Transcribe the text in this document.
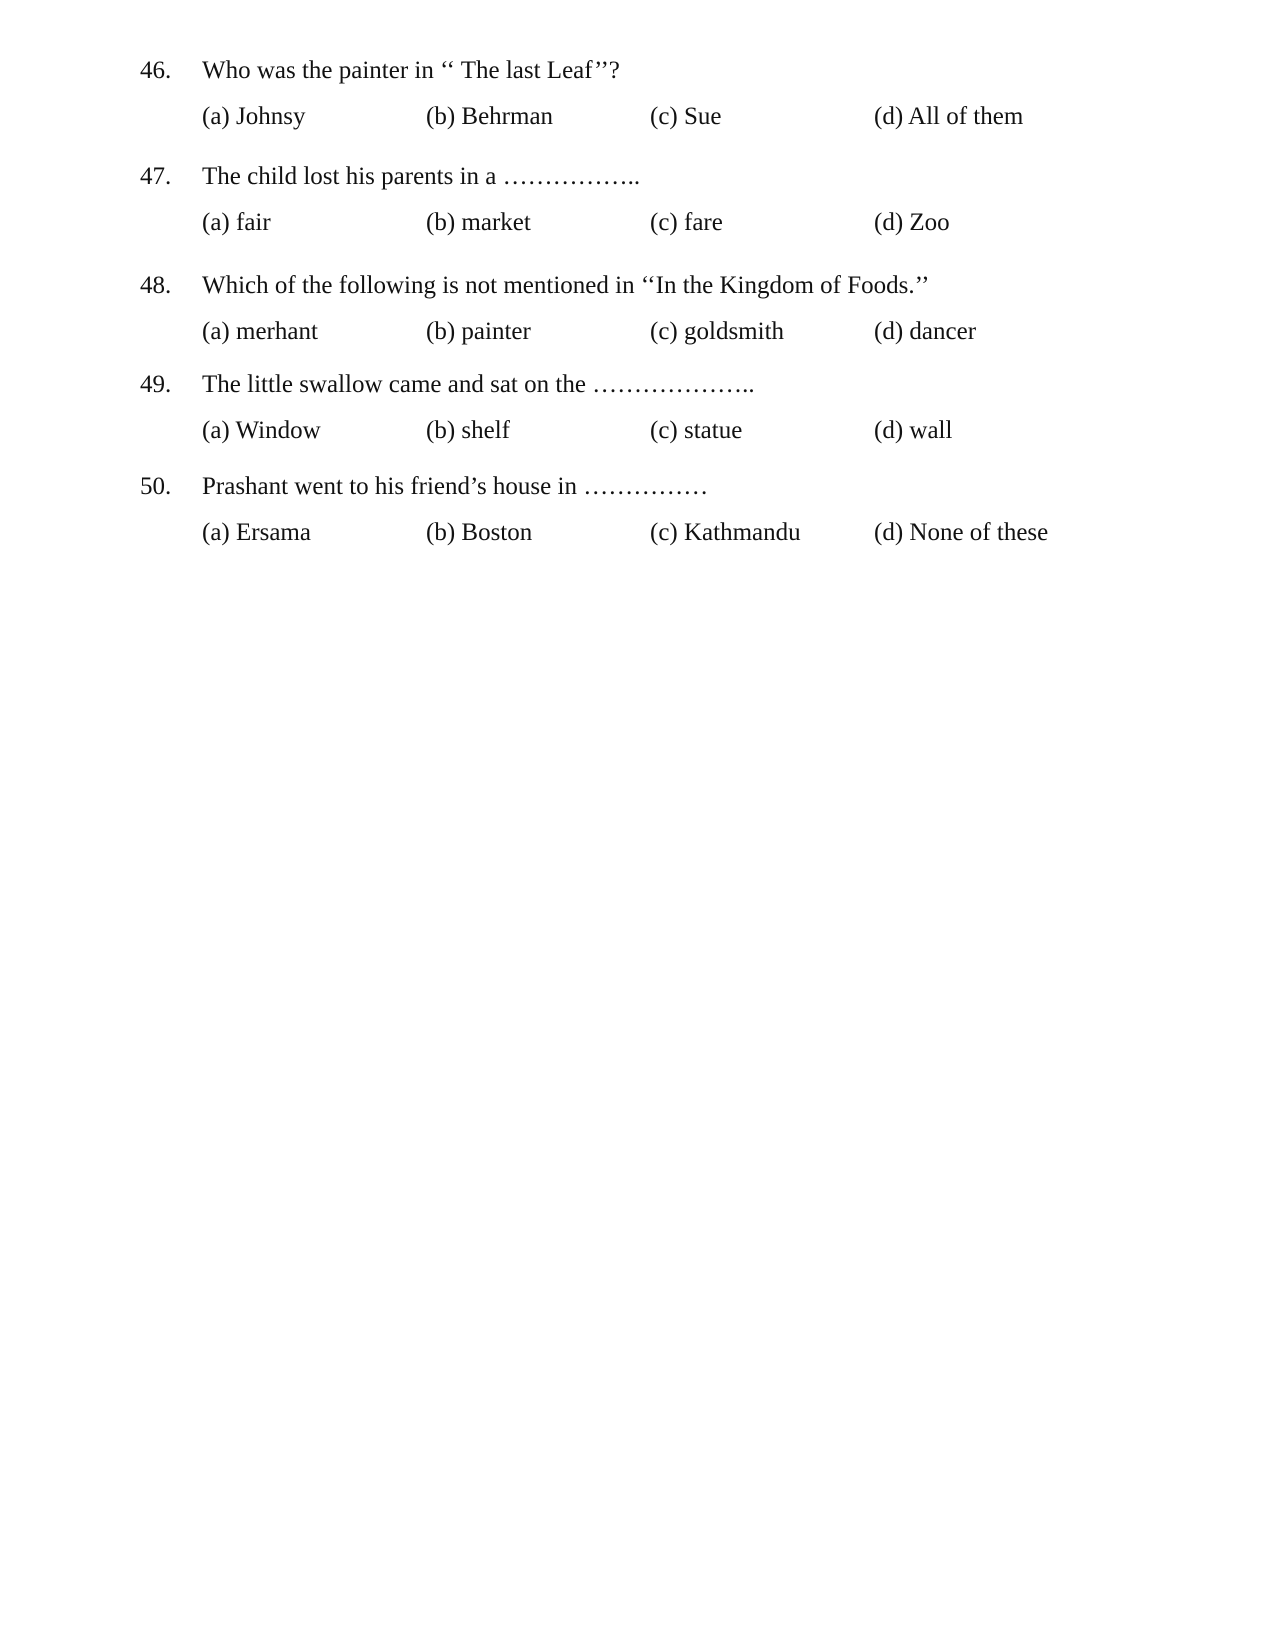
46. Who was the painter in ‘‘ The last Leaf’’?
(a) Johnsy	(b) Behrman	(c) Sue	(d) All of them
47. The child lost his parents in a ……………..
(a) fair	(b) market	(c) fare	(d) Zoo
48. Which of the following is not mentioned in ‘‘In the Kingdom of Foods.’’
(a) merhant	(b) painter	(c) goldsmith	(d) dancer
49. The little swallow came and sat on the ………………..
(a) Window	(b) shelf	(c) statue	(d) wall
50. Prashant went to his friend’s house in ……………
(a) Ersama	(b) Boston	(c) Kathmandu	(d) None of these
